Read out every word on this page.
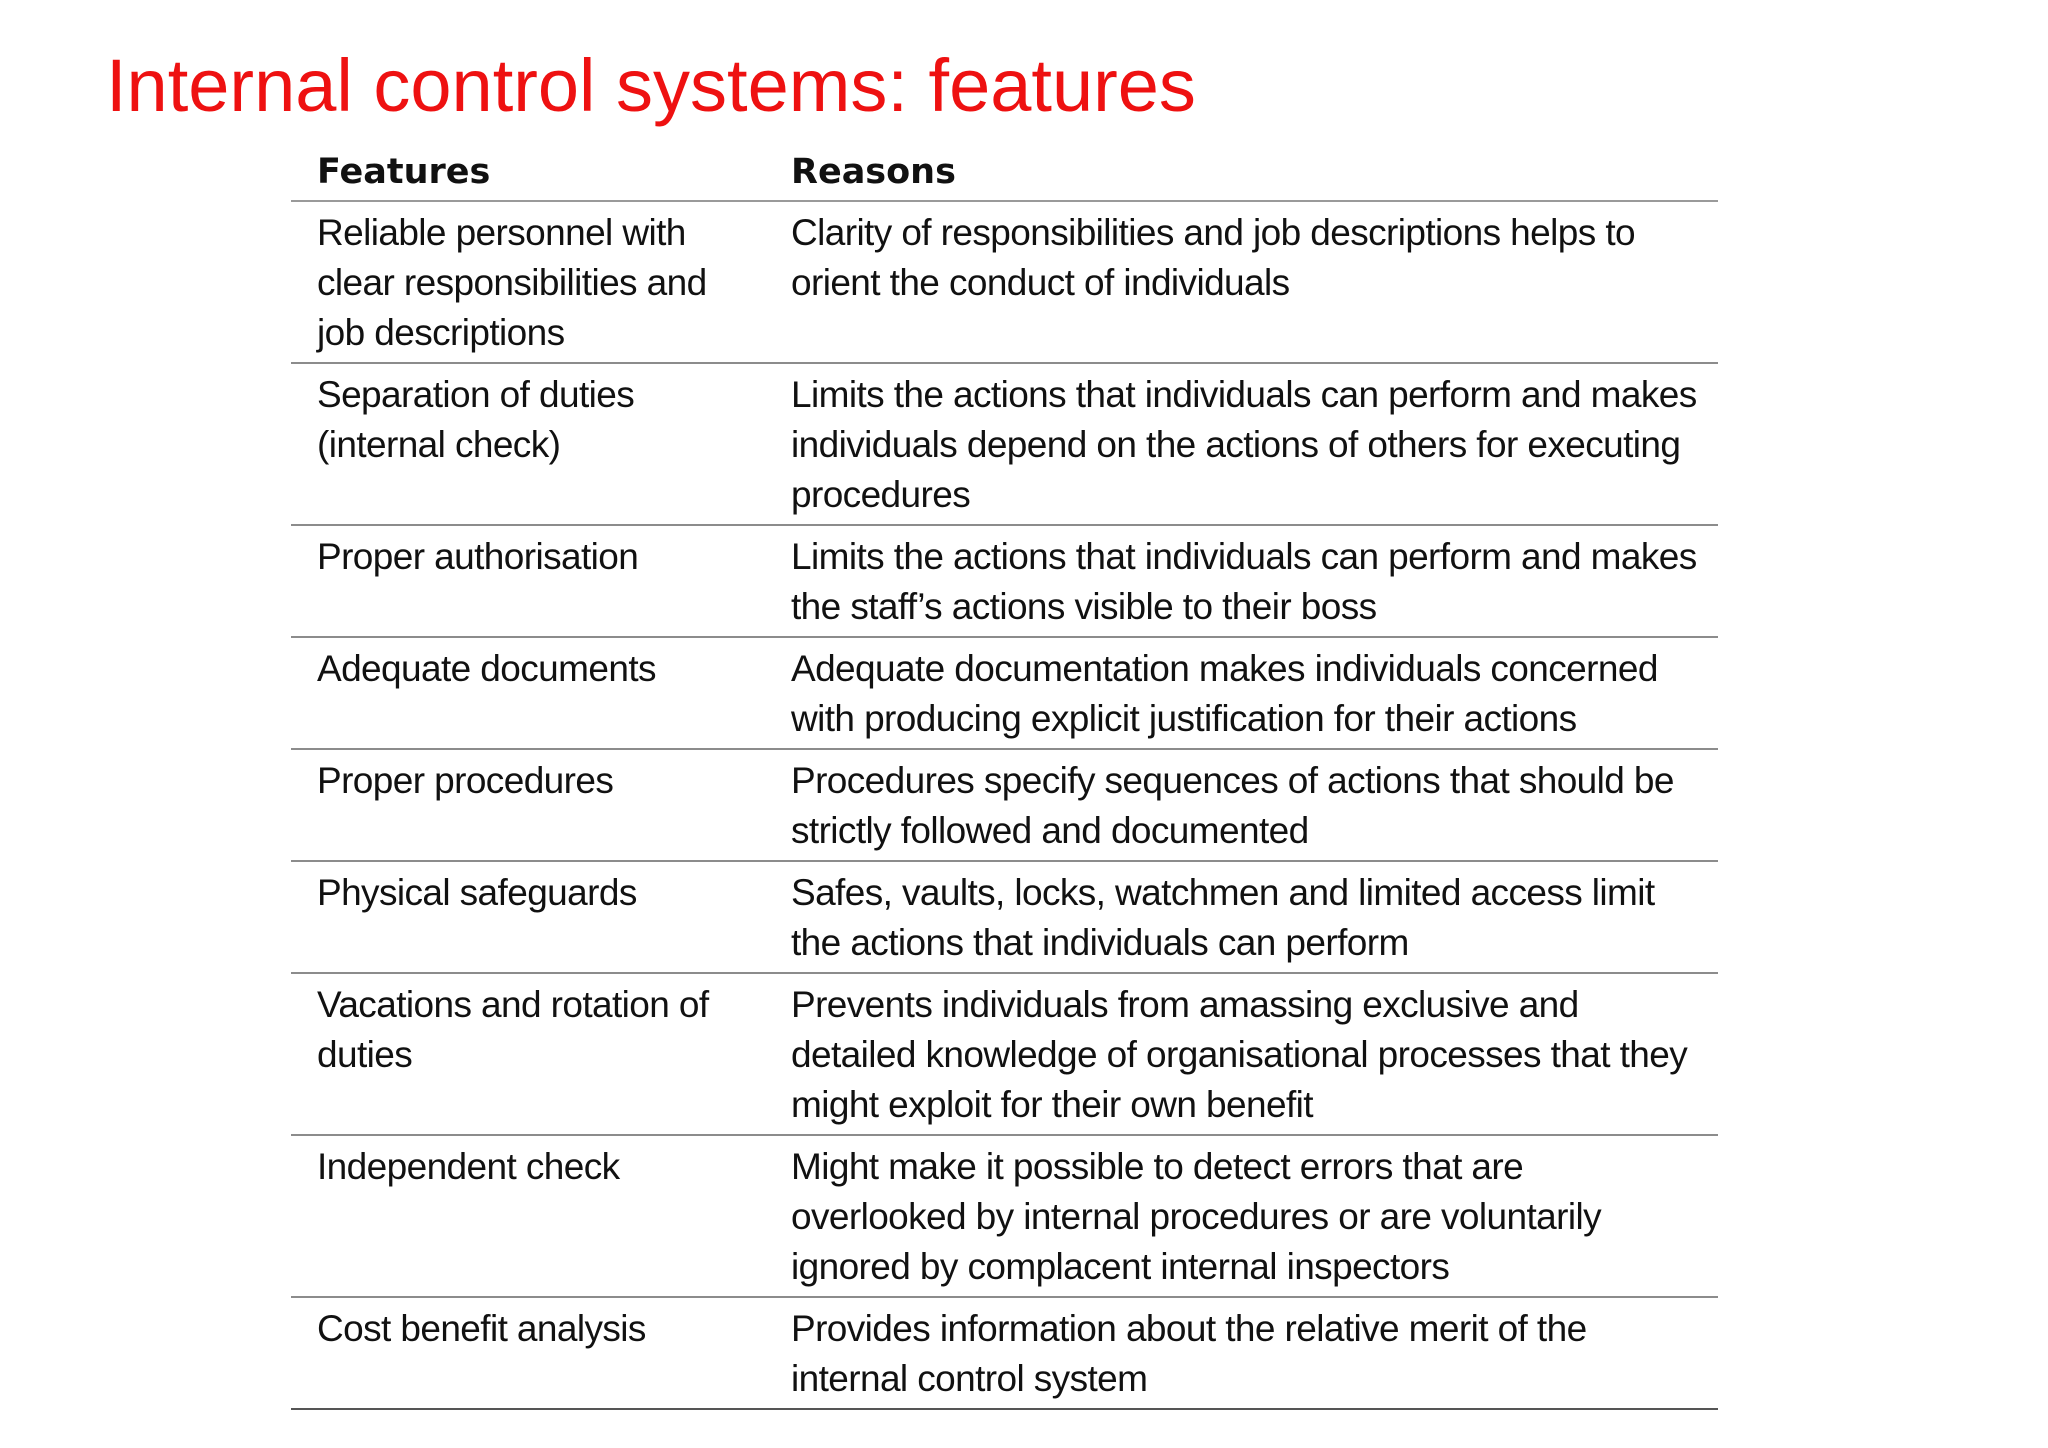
Internal control systems: features
Features	Reasons
Reliable personnel with clear responsibilities and job descriptions	Clarity of responsibilities and job descriptions helps to orient the conduct of individuals
Separation of duties (internal check)	Limits the actions that individuals can perform and makes individuals depend on the actions of others for executing procedures
Proper authorisation	Limits the actions that individuals can perform and makes the staff’s actions visible to their boss
Adequate documents	Adequate documentation makes individuals concerned with producing explicit justification for their actions
Proper procedures	Procedures specify sequences of actions that should be strictly followed and documented
Physical safeguards	Safes, vaults, locks, watchmen and limited access limit the actions that individuals can perform
Vacations and rotation of duties	Prevents individuals from amassing exclusive and detailed knowledge of organisational processes that they might exploit for their own benefit
Independent check	Might make it possible to detect errors that are overlooked by internal procedures or are voluntarily ignored by complacent internal inspectors
Cost benefit analysis	Provides information about the relative merit of the internal control system
